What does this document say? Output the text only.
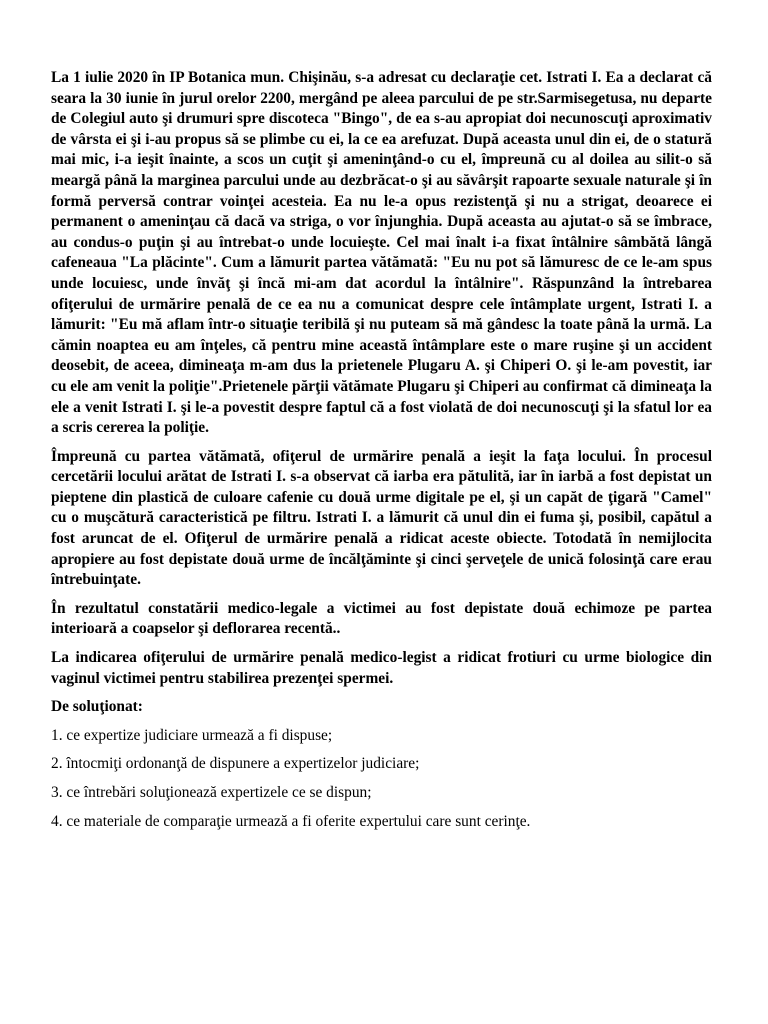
La 1 iulie 2020 în IP Botanica mun. Chişinău, s-a adresat cu declaraţie cet. Istrati I. Ea a declarat că seara la 30 iunie în jurul orelor 2200, mergând pe aleea parcului de pe str.Sarmisegetusa, nu departe de Colegiul auto şi drumuri spre discoteca "Bingo", de ea s-au apropiat doi necunoscuţi aproximativ de vârsta ei şi i-au propus să se plimbe cu ei, la ce ea arefuzat. După aceasta unul din ei, de o statură mai mic, i-a ieşit înainte, a scos un cuţit şi ameninţând-o cu el, împreună cu al doilea au silit-o să meargă până la marginea parcului unde au dezbrăcat-o şi au săvârşit rapoarte sexuale naturale şi în formă perversă contrar voinţei acesteia. Ea nu le-a opus rezistenţă şi nu a strigat, deoarece ei permanent o ameninţau că dacă va striga, o vor înjunghia. După aceasta au ajutat-o să se îmbrace, au condus-o puţin şi au întrebat-o unde locuieşte. Cel mai înalt i-a fixat întâlnire sâmbătă lângă cafeneaua "La plăcinte". Cum a lămurit partea vătămată: "Eu nu pot să lămuresc de ce le-am spus unde locuiesc, unde învăţ şi încă mi-am dat acordul la întâlnire". Răspunzând la întrebarea ofiţerului de urmărire penală de ce ea nu a comunicat despre cele întâmplate urgent, Istrati I. a lămurit: "Eu mă aflam într-o situaţie teribilă şi nu puteam să mă gândesc la toate până la urmă. La cămin noaptea eu am înţeles, că pentru mine această întâmplare este o mare ruşine şi un accident deosebit, de aceea, dimineaţa m-am dus la prietenele Plugaru A. şi Chiperi O. şi le-am povestit, iar cu ele am venit la poliţie".Prietenele părţii vătămate Plugaru şi Chiperi au confirmat că dimineaţa la ele a venit Istrati I. şi le-a povestit despre faptul că a fost violată de doi necunoscuţi şi la sfatul lor ea a scris cererea la poliţie.

Împreună cu partea vătămată, ofiţerul de urmărire penală a ieşit la faţa locului. În procesul cercetării locului arătat de Istrati I. s-a observat că iarba era pătulită, iar în iarbă a fost depistat un pieptene din plastică de culoare cafenie cu două urme digitale pe el, şi un capăt de ţigară "Camel" cu o muşcătură caracteristică pe filtru. Istrati I. a lămurit că unul din ei fuma şi, posibil, capătul a fost aruncat de el. Ofiţerul de urmărire penală a ridicat aceste obiecte. Totodată în nemijlocita apropiere au fost depistate două urme de încălţăminte şi cinci şerveţele de unică folosinţă care erau întrebuinţate.

În rezultatul constatării medico-legale a victimei au fost depistate două echimoze pe partea interioară a coapselor şi deflorarea recentă..

La indicarea ofiţerului de urmărire penală medico-legist a ridicat frotiuri cu urme biologice din vaginul victimei pentru stabilirea prezenţei spermei.

De soluţionat:

1. ce expertize judiciare urmează a fi dispuse;
2. întocmiţi ordonanţă de dispunere a expertizelor judiciare;
3. ce întrebări soluţionează expertizele ce se dispun;
4. ce materiale de comparaţie urmează a fi oferite expertului care sunt cerinţe.
